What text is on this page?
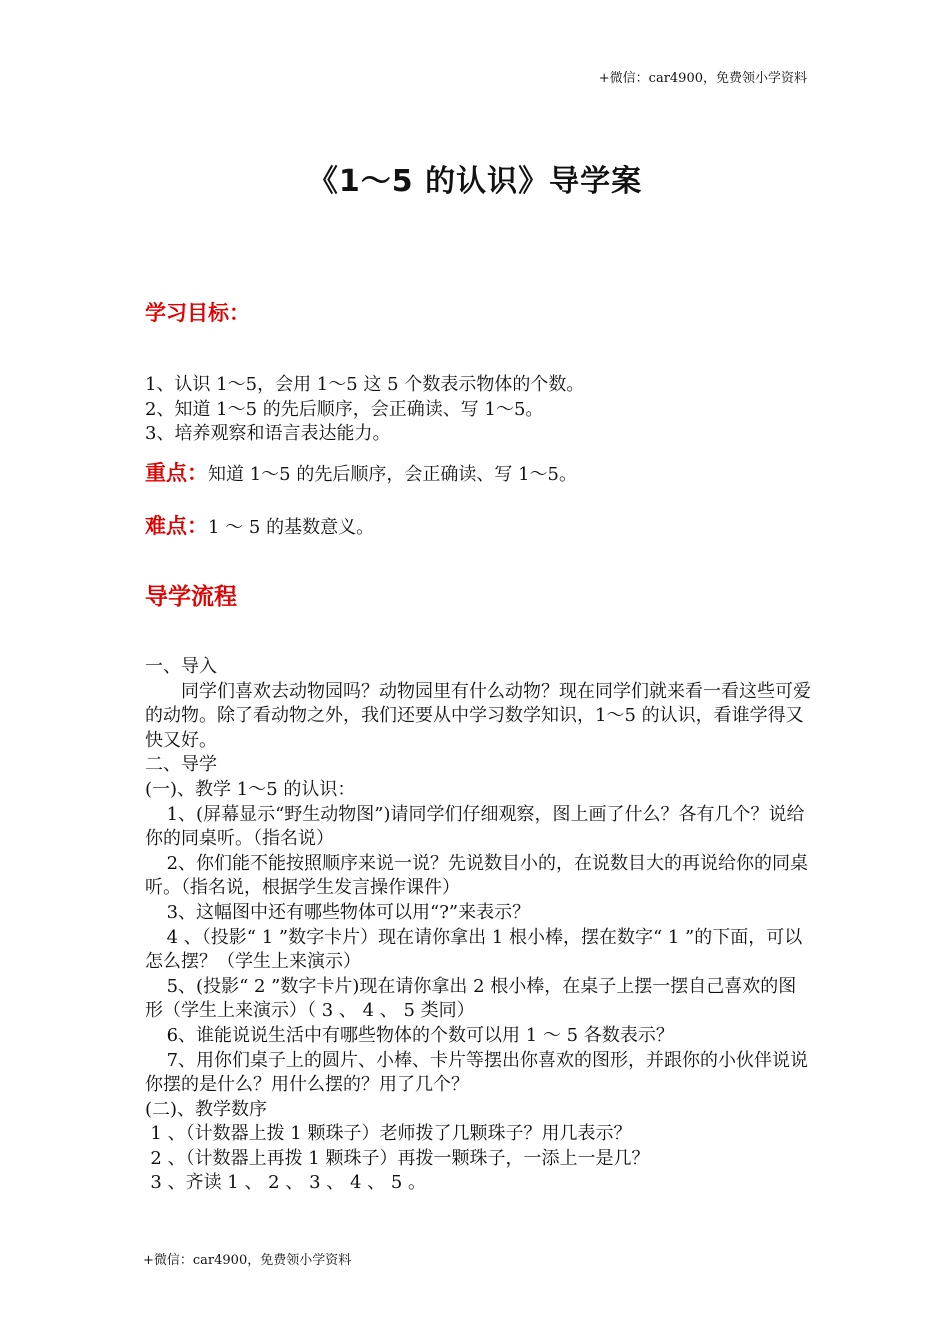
+微信：car4900，免费领小学资料
《1～5 的认识》导学案
学习目标：
1、认识 1～5，会用 1～5 这 5 个数表示物体的个数。
2、知道 1～5 的先后顺序，会正确读、写 1～5。
3、培养观察和语言表达能力。
重点：知道 1～5 的先后顺序，会正确读、写 1～5。
难点：1 ～ 5 的基数意义。
导学流程

一、导入

同学们喜欢去动物园吗？动物园里有什么动物？现在同学们就来看一看这些可爱的动物。除了看动物之外，我们还要从中学习数学知识，1～5 的认识，看谁学得又快又好。

二、导学

(一)、教学 1～5 的认识：

1、(屏幕显示“野生动物图”)请同学们仔细观察，图上画了什么？各有几个？说给你的同桌听。（指名说）

2、你们能不能按照顺序来说一说？先说数目小的，在说数目大的再说给你的同桌听。（指名说，根据学生发言操作课件）

3、这幅图中还有哪些物体可以用“?”来表示？

4 、（投影“ 1 ”数字卡片）现在请你拿出 1 根小棒，摆在数字“ 1 ”的下面，可以怎么摆？（学生上来演示）

5、(投影“ 2 ”数字卡片)现在请你拿出 2 根小棒，在桌子上摆一摆自己喜欢的图形（学生上来演示）（ 3 、 4 、 5 类同）

6、谁能说说生活中有哪些物体的个数可以用 1 ～ 5 各数表示？

7、用你们桌子上的圆片、小棒、卡片等摆出你喜欢的图形，并跟你的小伙伴说说你摆的是什么？用什么摆的？用了几个？

(二)、教学数序

1 、（计数器上拨 1 颗珠子）老师拨了几颗珠子？用几表示？

2 、（计数器上再拨 1 颗珠子）再拨一颗珠子，一添上一是几？

3 、齐读 1 、 2 、 3 、 4 、 5 。

+微信：car4900，免费领小学资料
